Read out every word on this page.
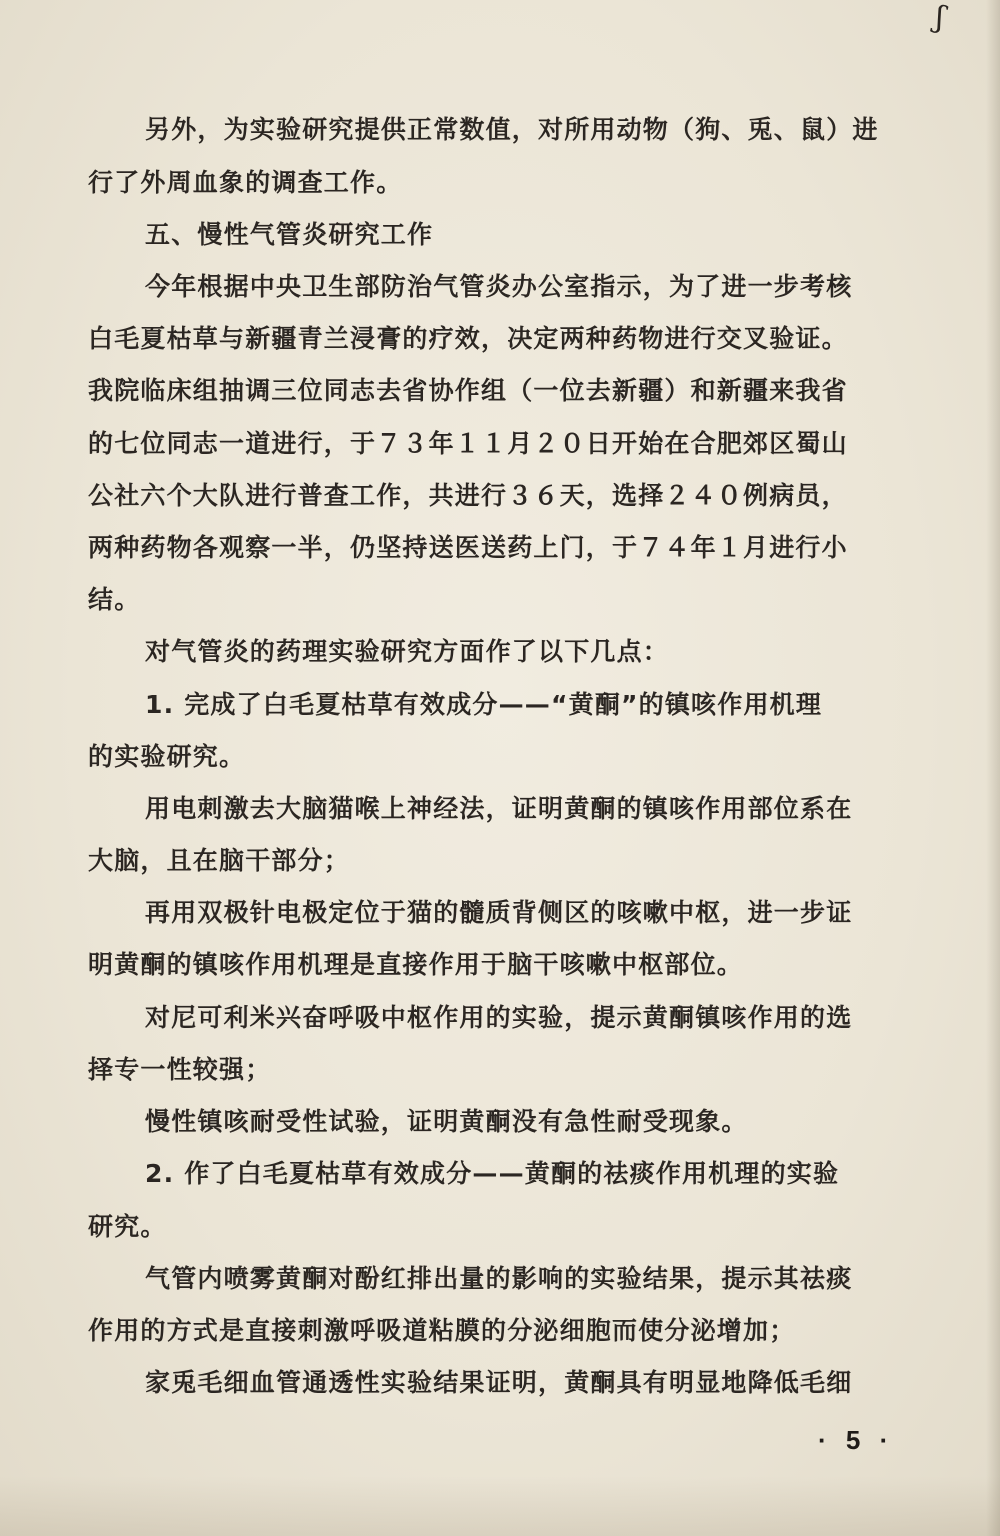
ʃ

另外，为实验研究提供正常数值，对所用动物（狗、兎、鼠）进

行了外周血象的调查工作。

五、慢性气管炎研究工作

今年根据中央卫生部防治气管炎办公室指示，为了进一步考核

白毛夏枯草与新疆青兰浸膏的疗效，决定两种药物进行交叉验证。

我院临床组抽调三位同志去省协作组（一位去新疆）和新疆来我省

的七位同志一道进行，于７３年１１月２０日开始在合肥郊区蜀山

公社六个大队进行普查工作，共进行３６天，选择２４０例病员，

两种药物各观察一半，仍坚持送医送药上门，于７４年１月进行小

结。

对气管炎的药理实验研究方面作了以下几点：

1. 完成了白毛夏枯草有效成分——“黄酮”的镇咳作用机理

的实验研究。

用电刺激去大脑猫喉上神经法，证明黄酮的镇咳作用部位系在

大脑，且在脑干部分；

再用双极针电极定位于猫的髓质背侧区的咳嗽中枢，进一步证

明黄酮的镇咳作用机理是直接作用于脑干咳嗽中枢部位。

对尼可利米兴奋呼吸中枢作用的实验，提示黄酮镇咳作用的选

择专一性较强；

慢性镇咳耐受性试验，证明黄酮没有急性耐受现象。

2. 作了白毛夏枯草有效成分——黄酮的祛痰作用机理的实验

研究。

气管内喷雾黄酮对酚红排出量的影响的实验结果，提示其祛痰

作用的方式是直接刺激呼吸道粘膜的分泌细胞而使分泌增加；

家兎毛细血管通透性实验结果证明，黄酮具有明显地降低毛细

· 5 ·
